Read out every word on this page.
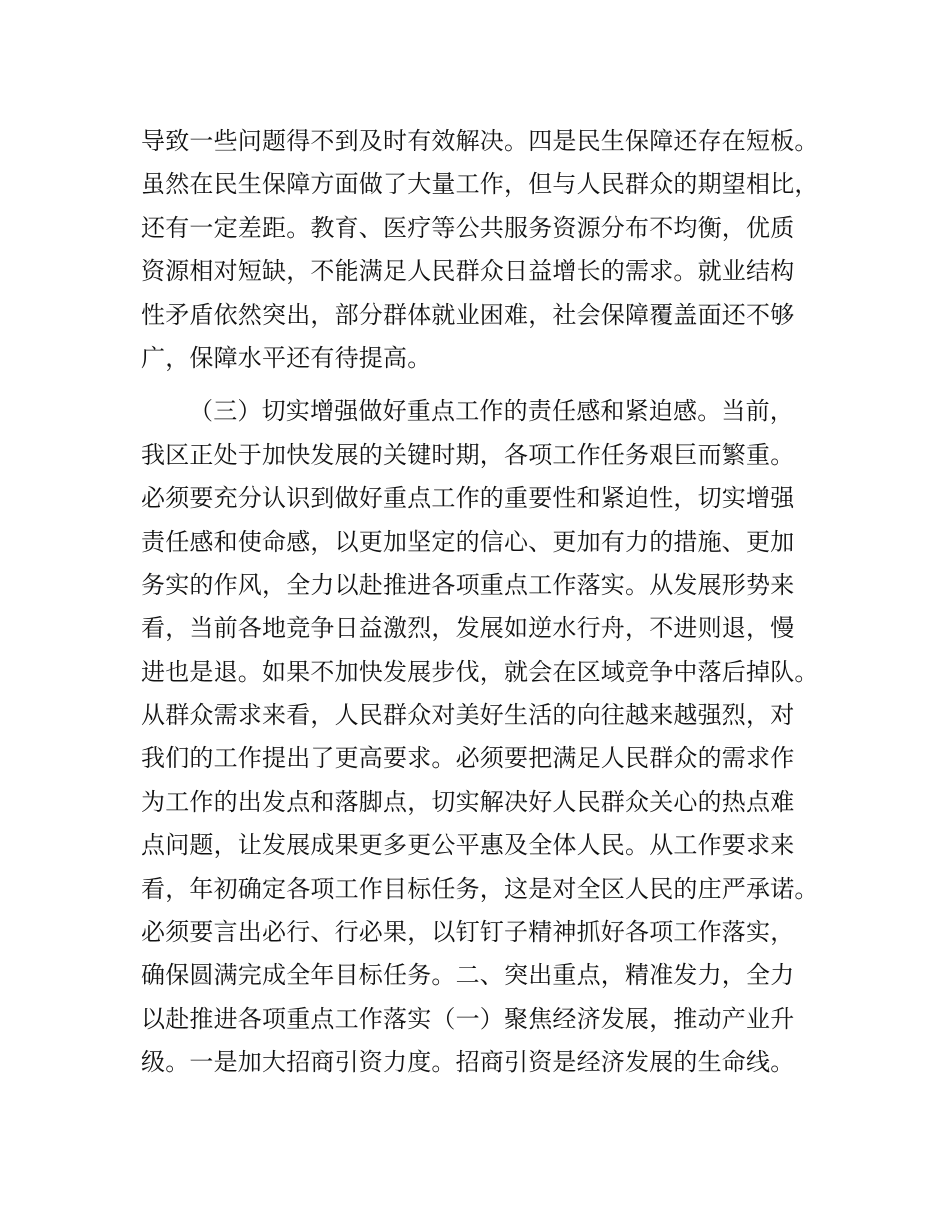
导致一些问题得不到及时有效解决。四是民生保障还存在短板。
虽然在民生保障方面做了大量工作，但与人民群众的期望相比，
还有一定差距。教育、医疗等公共服务资源分布不均衡，优质
资源相对短缺，不能满足人民群众日益增长的需求。就业结构
性矛盾依然突出，部分群体就业困难，社会保障覆盖面还不够
广，保障水平还有待提高。
（三）切实增强做好重点工作的责任感和紧迫感。当前，
我区正处于加快发展的关键时期，各项工作任务艰巨而繁重。
必须要充分认识到做好重点工作的重要性和紧迫性，切实增强
责任感和使命感，以更加坚定的信心、更加有力的措施、更加
务实的作风，全力以赴推进各项重点工作落实。从发展形势来
看，当前各地竞争日益激烈，发展如逆水行舟，不进则退，慢
进也是退。如果不加快发展步伐，就会在区域竞争中落后掉队。
从群众需求来看，人民群众对美好生活的向往越来越强烈，对
我们的工作提出了更高要求。必须要把满足人民群众的需求作
为工作的出发点和落脚点，切实解决好人民群众关心的热点难
点问题，让发展成果更多更公平惠及全体人民。从工作要求来
看，年初确定各项工作目标任务，这是对全区人民的庄严承诺。
必须要言出必行、行必果，以钉钉子精神抓好各项工作落实，
确保圆满完成全年目标任务。二、突出重点，精准发力，全力
以赴推进各项重点工作落实（一）聚焦经济发展，推动产业升
级。一是加大招商引资力度。招商引资是经济发展的生命线。
